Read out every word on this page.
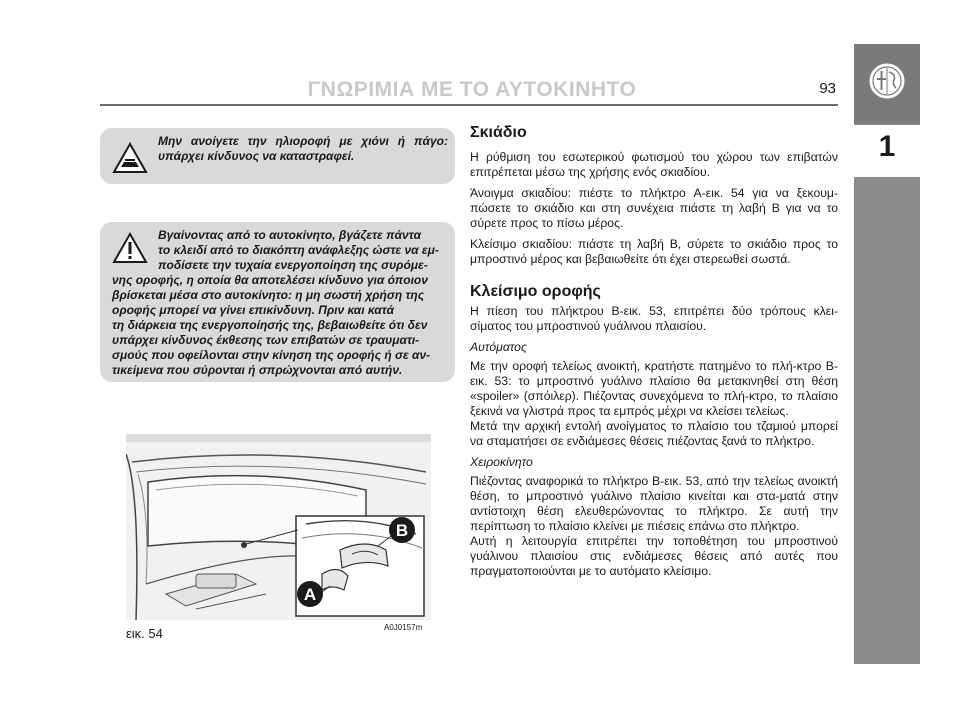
ΓΝΩΡΙΜΙΑ ΜΕ ΤΟ ΑΥΤΟΚΙΝΗΤΟ	93
1

Μην ανοίγετε την ηλιοροφή με χιόνι ή πάγο: υπάρχει κίνδυνος να καταστραφεί.

Βγαίνοντας από το αυτοκίνητο, βγάζετε πάντα
το κλειδί από το διακόπτη ανάφλεξης ώστε να εμ-
ποδίσετε την τυχαία ενεργοποίηση της συρόμε-
νης οροφής, η οποία θα αποτελέσει κίνδυνο για όποιον
βρίσκεται μέσα στο αυτοκίνητο: η μη σωστή χρήση της
οροφής μπορεί να γίνει επικίνδυνη. Πριν και κατά
τη διάρκεια της ενεργοποίησής της, βεβαιωθείτε ότι δεν
υπάρχει κίνδυνος έκθεσης των επιβατών σε τραυματι-
σμούς που οφείλονται στην κίνηση της οροφής ή σε αν-
τικείμενα που σύρονται ή σπρώχνονται από αυτήν.

B
A
εικ. 54	A0J0157m
Σκιάδιο

Η ρύθμιση του εσωτερικού φωτισμού του χώρου των επιβατών επιτρέπεται μέσω της χρήσης ενός σκιαδίου.

Άνοιγμα σκιαδίου: πιέστε το πλήκτρο A-εικ. 54 για να ξεκουμ-πώσετε το σκιάδιο και στη συνέχεια πιάστε τη λαβή B για να το σύρετε προς το πίσω μέρος.

Κλείσιμο σκιαδίου: πιάστε τη λαβή B, σύρετε το σκιάδιο προς το μπροστινό μέρος και βεβαιωθείτε ότι έχει στερεωθεί σωστά.

Κλείσιμο οροφής

Η πίεση του πλήκτρου B-εικ. 53, επιτρέπει δύο τρόπους κλει-σίματος του μπροστινού γυάλινου πλαισίου.

Αυτόματος

Με την οροφή τελείως ανοικτή, κρατήστε πατημένο το πλή-κτρο B-εικ. 53: το μπροστινό γυάλινο πλαίσιο θα μετακινηθεί στη θέση «spoiler» (σπόιλερ). Πιέζοντας συνεχόμενα το πλή-κτρο, το πλαίσιο ξεκινά να γλιστρά προς τα εμπρός μέχρι να κλείσει τελείως.

Μετά την αρχική εντολή ανοίγματος το πλαίσιο του τζαμιού μπορεί να σταματήσει σε ενδιάμεσες θέσεις πιέζοντας ξανά το πλήκτρο.

Χειροκίνητο

Πιέζοντας αναφορικά το πλήκτρο B-εικ. 53, από την τελείως ανοικτή θέση, το μπροστινό γυάλινο πλαίσιο κινείται και στα-ματά στην αντίστοιχη θέση ελευθερώνοντας το πλήκτρο. Σε αυτή την περίπτωση το πλαίσιο κλείνει με πιέσεις επάνω στο πλήκτρο.

Αυτή η λειτουργία επιτρέπει την τοποθέτηση του μπροστινού γυάλινου πλαισίου στις ενδιάμεσες θέσεις από αυτές που πραγματοποιούνται με το αυτόματο κλείσιμο.
